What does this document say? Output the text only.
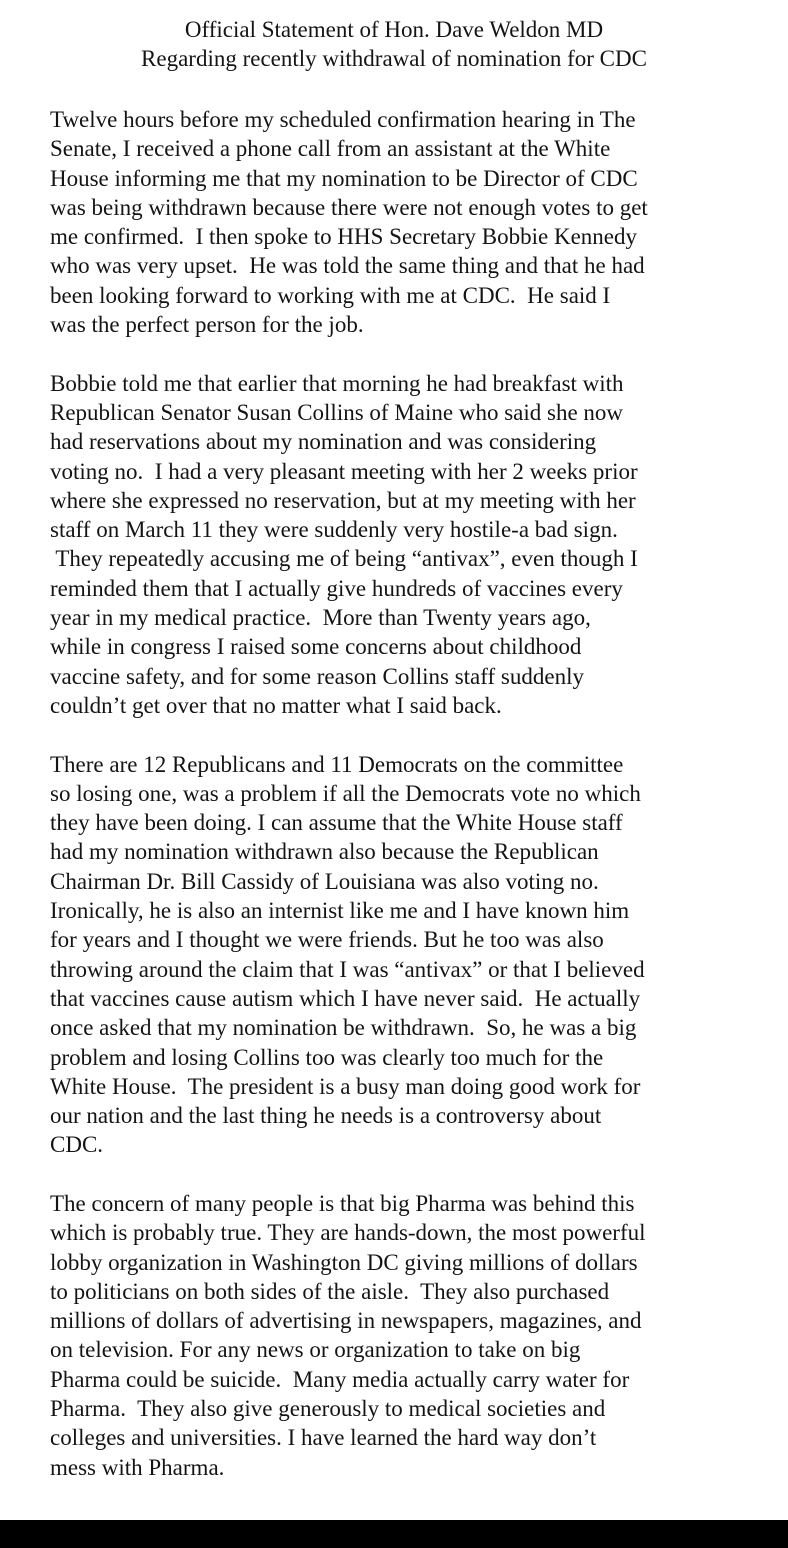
Official Statement of Hon. Dave Weldon MD
Regarding recently withdrawal of nomination for CDC
Twelve hours before my scheduled confirmation hearing in The
Senate, I received a phone call from an assistant at the White
House informing me that my nomination to be Director of CDC
was being withdrawn because there were not enough votes to get
me confirmed.  I then spoke to HHS Secretary Bobbie Kennedy
who was very upset.  He was told the same thing and that he had
been looking forward to working with me at CDC.  He said I
was the perfect person for the job.
Bobbie told me that earlier that morning he had breakfast with
Republican Senator Susan Collins of Maine who said she now
had reservations about my nomination and was considering
voting no.  I had a very pleasant meeting with her 2 weeks prior
where she expressed no reservation, but at my meeting with her
staff on March 11 they were suddenly very hostile-a bad sign.
They repeatedly accusing me of being “antivax”, even though I
reminded them that I actually give hundreds of vaccines every
year in my medical practice.  More than Twenty years ago,
while in congress I raised some concerns about childhood
vaccine safety, and for some reason Collins staff suddenly
couldn’t get over that no matter what I said back.
There are 12 Republicans and 11 Democrats on the committee
so losing one, was a problem if all the Democrats vote no which
they have been doing. I can assume that the White House staff
had my nomination withdrawn also because the Republican
Chairman Dr. Bill Cassidy of Louisiana was also voting no.
Ironically, he is also an internist like me and I have known him
for years and I thought we were friends. But he too was also
throwing around the claim that I was “antivax” or that I believed
that vaccines cause autism which I have never said.  He actually
once asked that my nomination be withdrawn.  So, he was a big
problem and losing Collins too was clearly too much for the
White House.  The president is a busy man doing good work for
our nation and the last thing he needs is a controversy about
CDC.
The concern of many people is that big Pharma was behind this
which is probably true. They are hands-down, the most powerful
lobby organization in Washington DC giving millions of dollars
to politicians on both sides of the aisle.  They also purchased
millions of dollars of advertising in newspapers, magazines, and
on television. For any news or organization to take on big
Pharma could be suicide.  Many media actually carry water for
Pharma.  They also give generously to medical societies and
colleges and universities. I have learned the hard way don’t
mess with Pharma.
